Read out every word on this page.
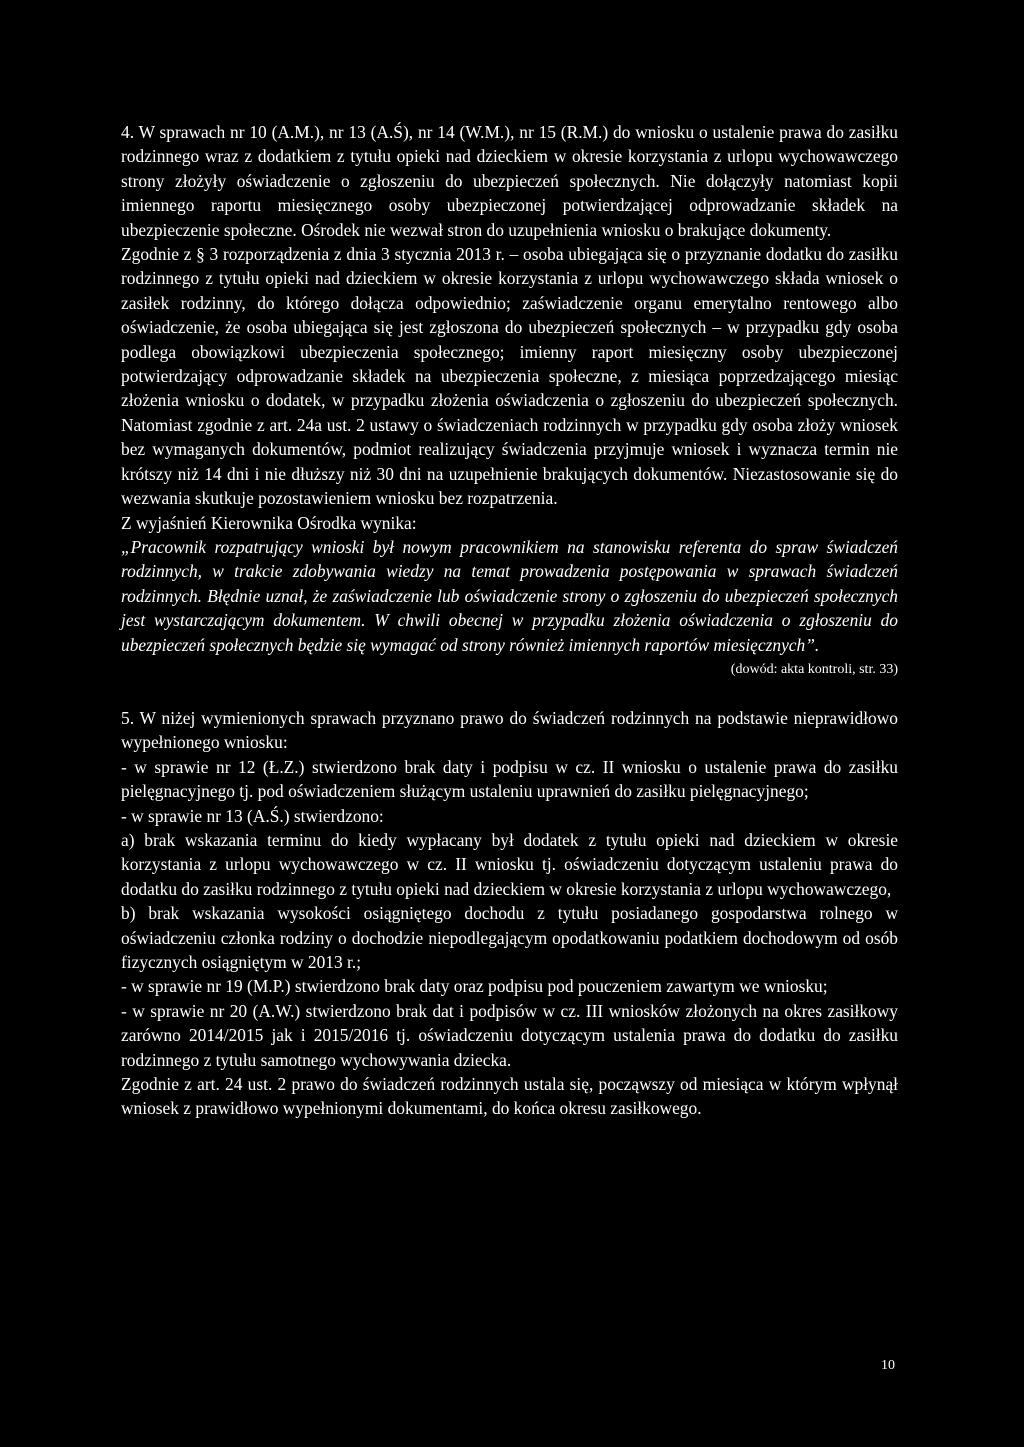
4. W sprawach nr 10 (A.M.), nr 13 (A.Ś), nr 14 (W.M.), nr 15 (R.M.) do wniosku o ustalenie prawa do zasiłku rodzinnego wraz z dodatkiem z tytułu opieki nad dzieckiem w okresie korzystania z urlopu wychowawczego strony złożyły oświadczenie o zgłoszeniu do ubezpieczeń społecznych. Nie dołączyły natomiast kopii imiennego raportu miesięcznego osoby ubezpieczonej potwierdzającej odprowadzanie składek na ubezpieczenie społeczne. Ośrodek nie wezwał stron do uzupełnienia wniosku o brakujące dokumenty.

Zgodnie z § 3 rozporządzenia z dnia 3 stycznia 2013 r. – osoba ubiegająca się o przyznanie dodatku do zasiłku rodzinnego z tytułu opieki nad dzieckiem w okresie korzystania z urlopu wychowawczego składa wniosek o zasiłek rodzinny, do którego dołącza odpowiednio; zaświadczenie organu emerytalno rentowego albo oświadczenie, że osoba ubiegająca się jest zgłoszona do ubezpieczeń społecznych – w przypadku gdy osoba podlega obowiązkowi ubezpieczenia społecznego; imienny raport miesięczny osoby ubezpieczonej potwierdzający odprowadzanie składek na ubezpieczenia społeczne, z miesiąca poprzedzającego miesiąc złożenia wniosku o dodatek, w przypadku złożenia oświadczenia o zgłoszeniu do ubezpieczeń społecznych. Natomiast zgodnie z art. 24a ust. 2 ustawy o świadczeniach rodzinnych w przypadku gdy osoba złoży wniosek bez wymaganych dokumentów, podmiot realizujący świadczenia przyjmuje wniosek i wyznacza termin nie krótszy niż 14 dni i nie dłuższy niż 30 dni na uzupełnienie brakujących dokumentów. Niezastosowanie się do wezwania skutkuje pozostawieniem wniosku bez rozpatrzenia.

Z wyjaśnień Kierownika Ośrodka wynika:

„Pracownik rozpatrujący wnioski był nowym pracownikiem na stanowisku referenta do spraw świadczeń rodzinnych, w trakcie zdobywania wiedzy na temat prowadzenia postępowania w sprawach świadczeń rodzinnych. Błędnie uznał, że zaświadczenie lub oświadczenie strony o zgłoszeniu do ubezpieczeń społecznych jest wystarczającym dokumentem. W chwili obecnej w przypadku złożenia oświadczenia o zgłoszeniu do ubezpieczeń społecznych będzie się wymagać od strony również imiennych raportów miesięcznych”.

(dowód: akta kontroli, str. 33)

5. W niżej wymienionych sprawach przyznano prawo do świadczeń rodzinnych na podstawie nieprawidłowo wypełnionego wniosku:

- w sprawie nr 12 (Ł.Z.) stwierdzono brak daty i podpisu w cz. II wniosku o ustalenie prawa do zasiłku pielęgnacyjnego tj. pod oświadczeniem służącym ustaleniu uprawnień do zasiłku pielęgnacyjnego;

- w sprawie nr 13 (A.Ś.) stwierdzono:

a) brak wskazania terminu do kiedy wypłacany był dodatek z tytułu opieki nad dzieckiem w okresie korzystania z urlopu wychowawczego w cz. II wniosku tj. oświadczeniu dotyczącym ustaleniu prawa do dodatku do zasiłku rodzinnego z tytułu opieki nad dzieckiem w okresie korzystania z urlopu wychowawczego,

b) brak wskazania wysokości osiągniętego dochodu z tytułu posiadanego gospodarstwa rolnego w oświadczeniu członka rodziny o dochodzie niepodlegającym opodatkowaniu podatkiem dochodowym od osób fizycznych osiągniętym w 2013 r.;

- w sprawie nr 19 (M.P.) stwierdzono brak daty oraz podpisu pod pouczeniem zawartym we wniosku;

- w sprawie nr 20 (A.W.) stwierdzono brak dat i podpisów w cz. III wniosków złożonych na okres zasiłkowy zarówno 2014/2015 jak i 2015/2016 tj. oświadczeniu dotyczącym ustalenia prawa do dodatku do zasiłku rodzinnego z tytułu samotnego wychowywania dziecka.

Zgodnie z art. 24 ust. 2 prawo do świadczeń rodzinnych ustala się, począwszy od miesiąca w którym wpłynął wniosek z prawidłowo wypełnionymi dokumentami, do końca okresu zasiłkowego.

10
